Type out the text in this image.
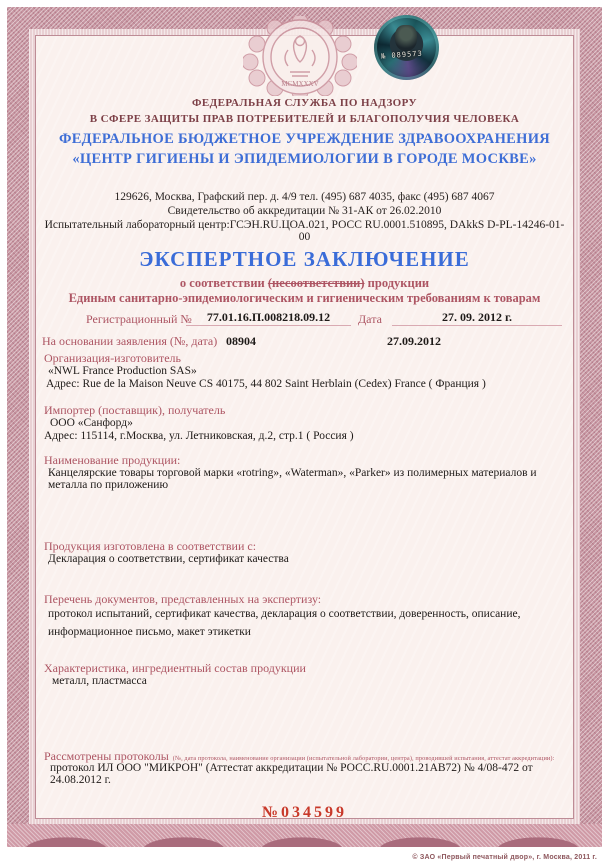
MCMXXXV
№ 089573
ФЕДЕРАЛЬНАЯ СЛУЖБА ПО НАДЗОРУ
В СФЕРЕ ЗАЩИТЫ ПРАВ ПОТРЕБИТЕЛЕЙ И БЛАГОПОЛУЧИЯ ЧЕЛОВЕКА
ФЕДЕРАЛЬНОЕ БЮДЖЕТНОЕ УЧРЕЖДЕНИЕ ЗДРАВООХРАНЕНИЯ
«ЦЕНТР ГИГИЕНЫ И ЭПИДЕМИОЛОГИИ В ГОРОДЕ МОСКВЕ»
129626, Москва, Графский пер. д. 4/9 тел. (495) 687 4035, факс (495) 687 4067
Свидетельство об аккредитации № 31-АК от 26.02.2010
Испытательный лабораторный центр:ГСЭН.RU.ЦОА.021, РОСС RU.0001.510895, DAkkS D-PL-14246-01-00
ЭКСПЕРТНОЕ ЗАКЛЮЧЕНИЕ
о соответствии (несоответствии) продукции
Единым санитарно-эпидемиологическим и гигиеническим требованиям к товарам
Регистрационный №	77.01.16.П.008218.09.12	Дата	27. 09. 2012 г.
На основании заявления (№, дата) 08904	27.09.2012
Организация-изготовитель
«NWL France Production SAS»
Адрес: Rue de la Maison Neuve CS 40175, 44 802 Saint Herblain (Cedex) France ( Франция )
Импортер (поставщик), получатель
ООО «Санфорд»
Адрес: 115114, г.Москва, ул. Летниковская, д.2, стр.1 ( Россия )
Наименование продукции:
Канцелярские товары торговой марки «rotring», «Waterman», «Parker» из полимерных материалов и металла по приложению
Продукция изготовлена в соответствии с:
Декларация о соответствии, сертификат качества
Перечень документов, представленных на экспертизу:
протокол испытаний, сертификат качества, декларация о соответствии, доверенность, описание, информационное письмо, макет этикетки
Характеристика, ингредиентный состав продукции
металл, пластмасса
Рассмотрены протоколы (№, дата протокола, наименование организации (испытательной лаборатории, центра), проводившей испытания, аттестат аккредитации):
протокол ИЛ ООО "МИКРОН" (Аттестат аккредитации № РОСС.RU.0001.21АВ72) № 4/08-472 от 24.08.2012 г.
№034599
© ЗАО «Первый печатный двор», г. Москва, 2011 г.
